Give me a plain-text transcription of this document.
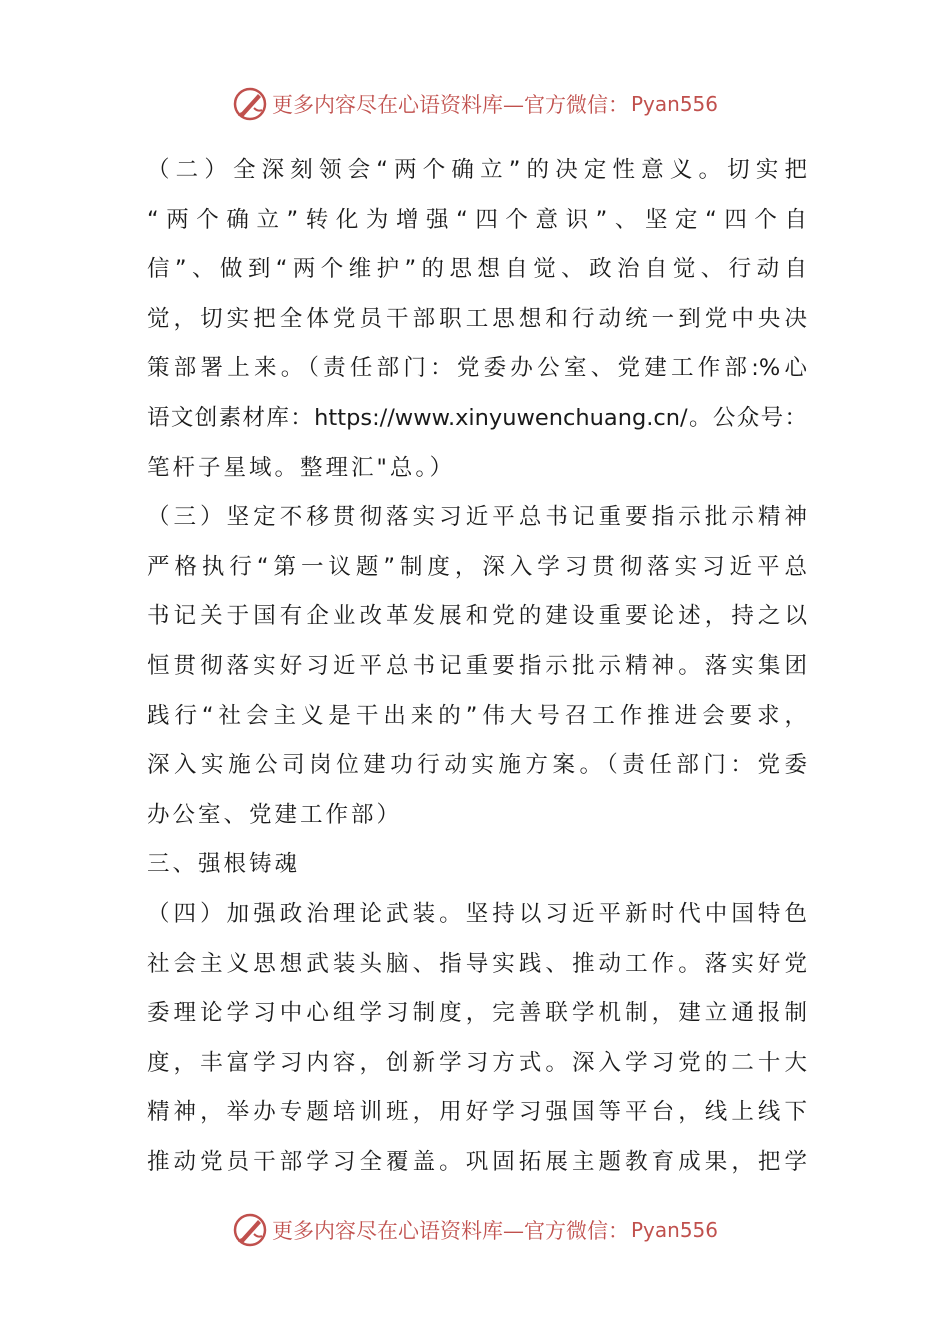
更多内容尽在心语资料库—官方微信： Pyan556
（二）全深刻领会“两个确立”的决定性意义。切实把
“两个确立”转化为增强“四个意识”、坚定“四个自
信”、做到“两个维护”的思想自觉、政治自觉、行动自
觉，切实把全体党员干部职工思想和行动统一到党中央决
策部署上来。（责任部门：党委办公室、党建工作部:%心
语文创素材库：https://www.xinyuwenchuang.cn/。公众号：
笔杆子星域。整理汇"总。）
（三）坚定不移贯彻落实习近平总书记重要指示批示精神
严格执行“第一议题”制度，深入学习贯彻落实习近平总
书记关于国有企业改革发展和党的建设重要论述，持之以
恒贯彻落实好习近平总书记重要指示批示精神。落实集团
践行“社会主义是干出来的”伟大号召工作推进会要求，
深入实施公司岗位建功行动实施方案。（责任部门：党委
办公室、党建工作部）
三、强根铸魂
（四）加强政治理论武装。坚持以习近平新时代中国特色
社会主义思想武装头脑、指导实践、推动工作。落实好党
委理论学习中心组学习制度，完善联学机制，建立通报制
度，丰富学习内容，创新学习方式。深入学习党的二十大
精神，举办专题培训班，用好学习强国等平台，线上线下
推动党员干部学习全覆盖。巩固拓展主题教育成果，把学
更多内容尽在心语资料库—官方微信： Pyan556
